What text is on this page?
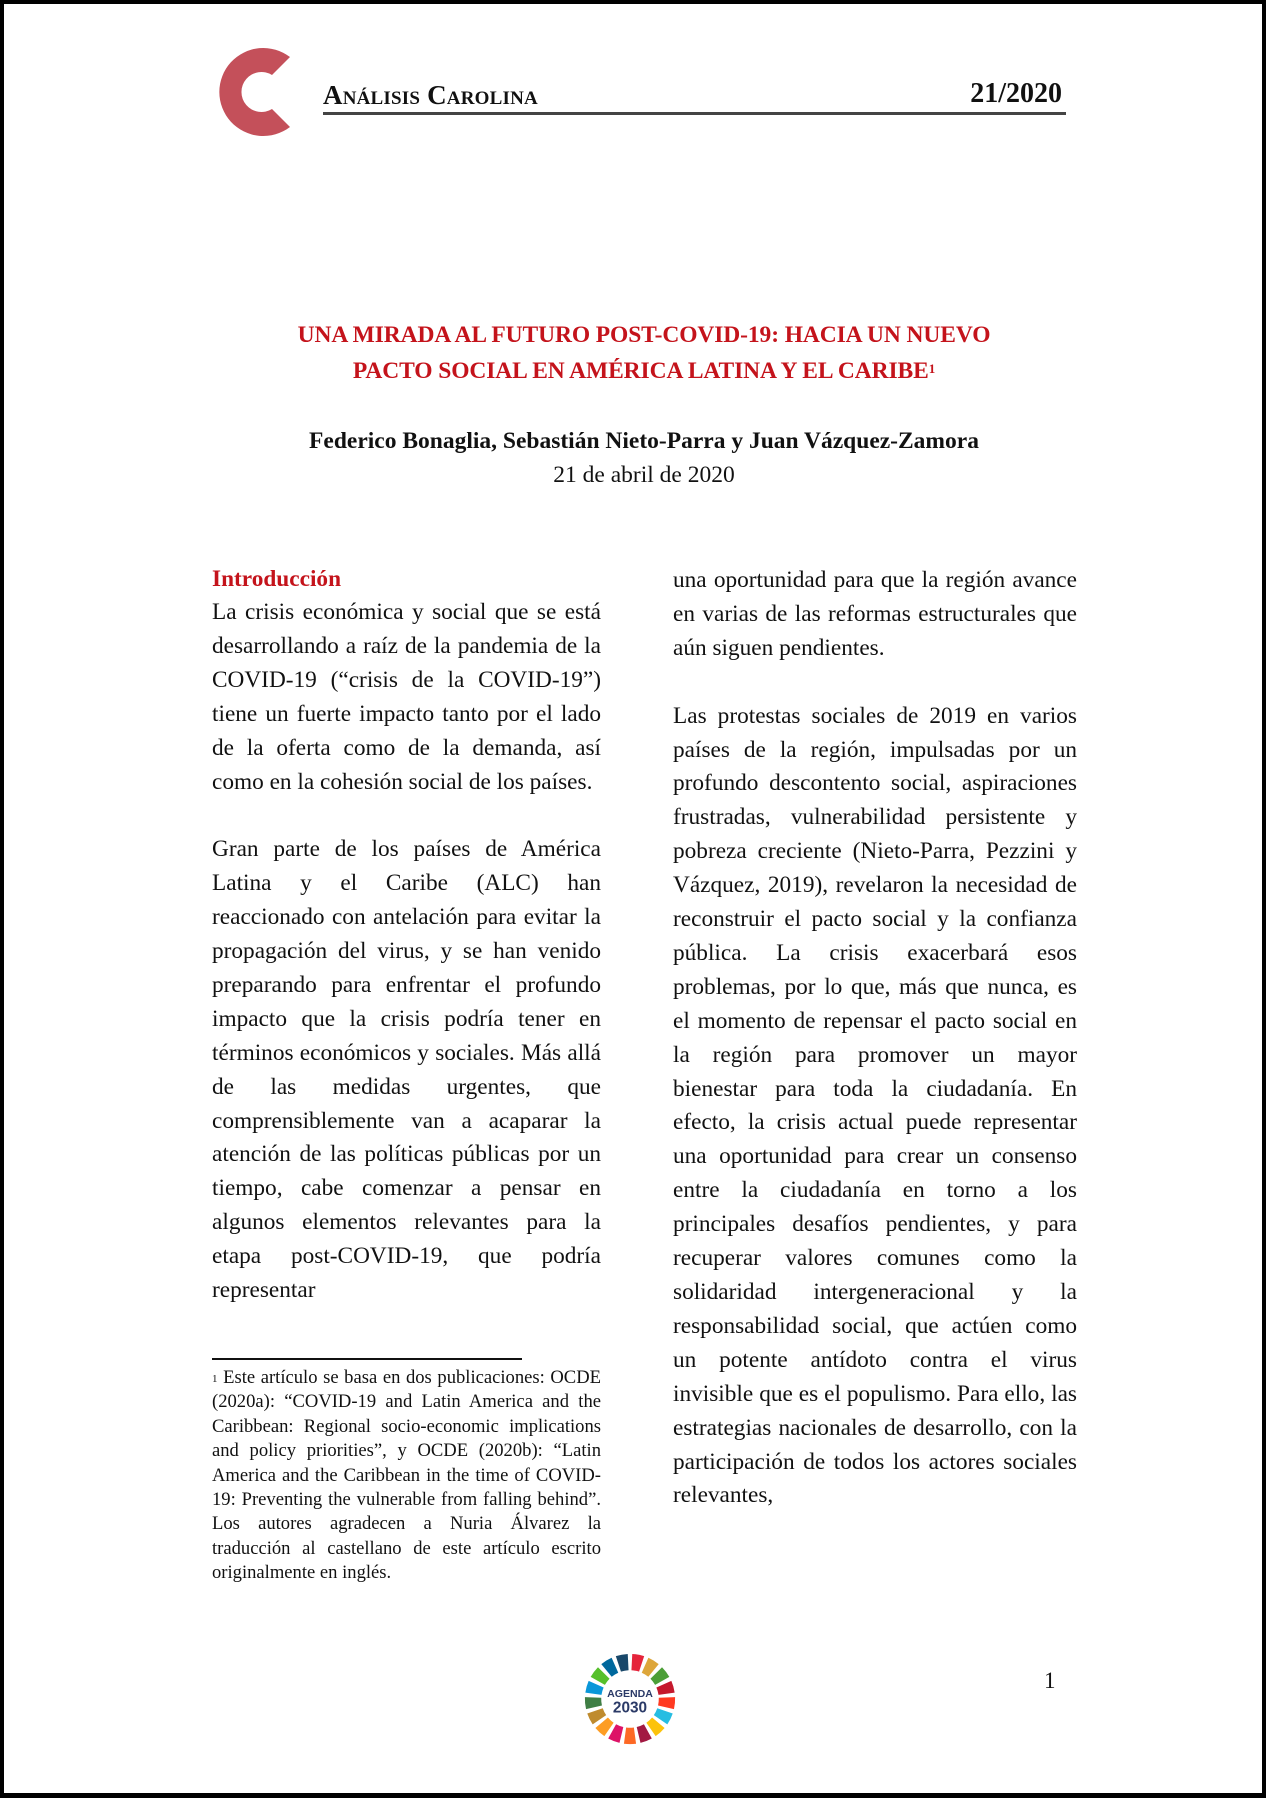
Análisis Carolina	21/2020
UNA MIRADA AL FUTURO POST-COVID-19: HACIA UN NUEVO
PACTO SOCIAL EN AMÉRICA LATINA Y EL CARIBE$^1$
Federico Bonaglia, Sebastián Nieto-Parra y Juan Vázquez-Zamora
21 de abril de 2020
Introducción

La crisis económica y social que se está desarrollando a raíz de la pandemia de la COVID-19 (“crisis de la COVID-19”) tiene un fuerte impacto tanto por el lado de la oferta como de la demanda, así como en la cohesión social de los países.

Gran parte de los países de América Latina y el Caribe (ALC) han reaccionado con antelación para evitar la propagación del virus, y se han venido preparando para enfrentar el profundo impacto que la crisis podría tener en términos económicos y sociales. Más allá de las medidas urgentes, que comprensiblemente van a acaparar la atención de las políticas públicas por un tiempo, cabe comenzar a pensar en algunos elementos relevantes para la etapa post-COVID-19, que podría representar

una oportunidad para que la región avance en varias de las reformas estructurales que aún siguen pendientes.

Las protestas sociales de 2019 en varios países de la región, impulsadas por un profundo descontento social, aspiraciones frustradas, vulnerabilidad persistente y pobreza creciente (Nieto-Parra, Pezzini y Vázquez, 2019), revelaron la necesidad de reconstruir el pacto social y la confianza pública. La crisis exacerbará esos problemas, por lo que, más que nunca, es el momento de repensar el pacto social en la región para promover un mayor bienestar para toda la ciudadanía. En efecto, la crisis actual puede representar una oportunidad para crear un consenso entre la ciudadanía en torno a los principales desafíos pendientes, y para recuperar valores comunes como la solidaridad intergeneracional y la responsabilidad social, que actúen como un potente antídoto contra el virus invisible que es el populismo. Para ello, las estrategias nacionales de desarrollo, con la participación de todos los actores sociales relevantes,

$^1$ Este artículo se basa en dos publicaciones: OCDE (2020a): “COVID-19 and Latin America and the Caribbean: Regional socio-economic implications and policy priorities”, y OCDE (2020b): “Latin America and the Caribbean in the time of COVID-19: Preventing the vulnerable from falling behind”. Los autores agradecen a Nuria Álvarez la traducción al castellano de este artículo escrito originalmente en inglés.
AGENDA
2030
1
